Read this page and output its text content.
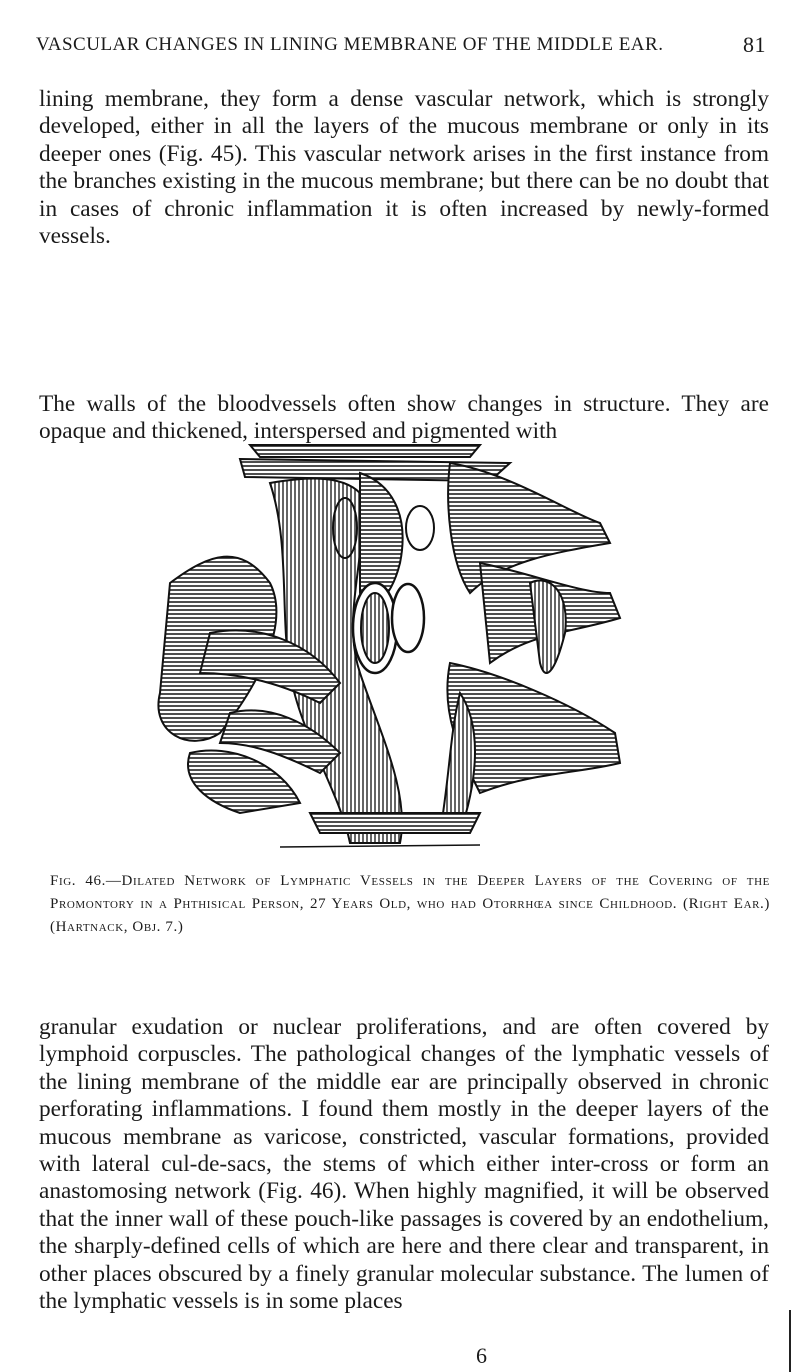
VASCULAR CHANGES IN LINING MEMBRANE OF THE MIDDLE EAR.	81

lining membrane, they form a dense vascular network, which is strongly developed, either in all the layers of the mucous membrane or only in its deeper ones (Fig. 45). This vascular network arises in the first instance from the branches existing in the mucous membrane; but there can be no doubt that in cases of chronic inflammation it is often increased by newly-formed vessels.

The walls of the bloodvessels often show changes in structure. They are opaque and thickened, interspersed and pigmented with

Fig. 46.—Dilated Network of Lymphatic Vessels in the Deeper Layers of the Covering of the Promontory in a Phthisical Person, 27 Years Old, who had Otorrhœa since Childhood. (Right Ear.) (Hartnack, Obj. 7.)

granular exudation or nuclear proliferations, and are often covered by lymphoid corpuscles. The pathological changes of the lymphatic vessels of the lining membrane of the middle ear are principally observed in chronic perforating inflammations. I found them mostly in the deeper layers of the mucous membrane as varicose, constricted, vascular formations, provided with lateral cul-de-sacs, the stems of which either inter-cross or form an anastomosing network (Fig. 46). When highly magnified, it will be observed that the inner wall of these pouch-like passages is covered by an endothelium, the sharply-defined cells of which are here and there clear and transparent, in other places obscured by a finely granular molecular substance. The lumen of the lymphatic vessels is in some places

6
